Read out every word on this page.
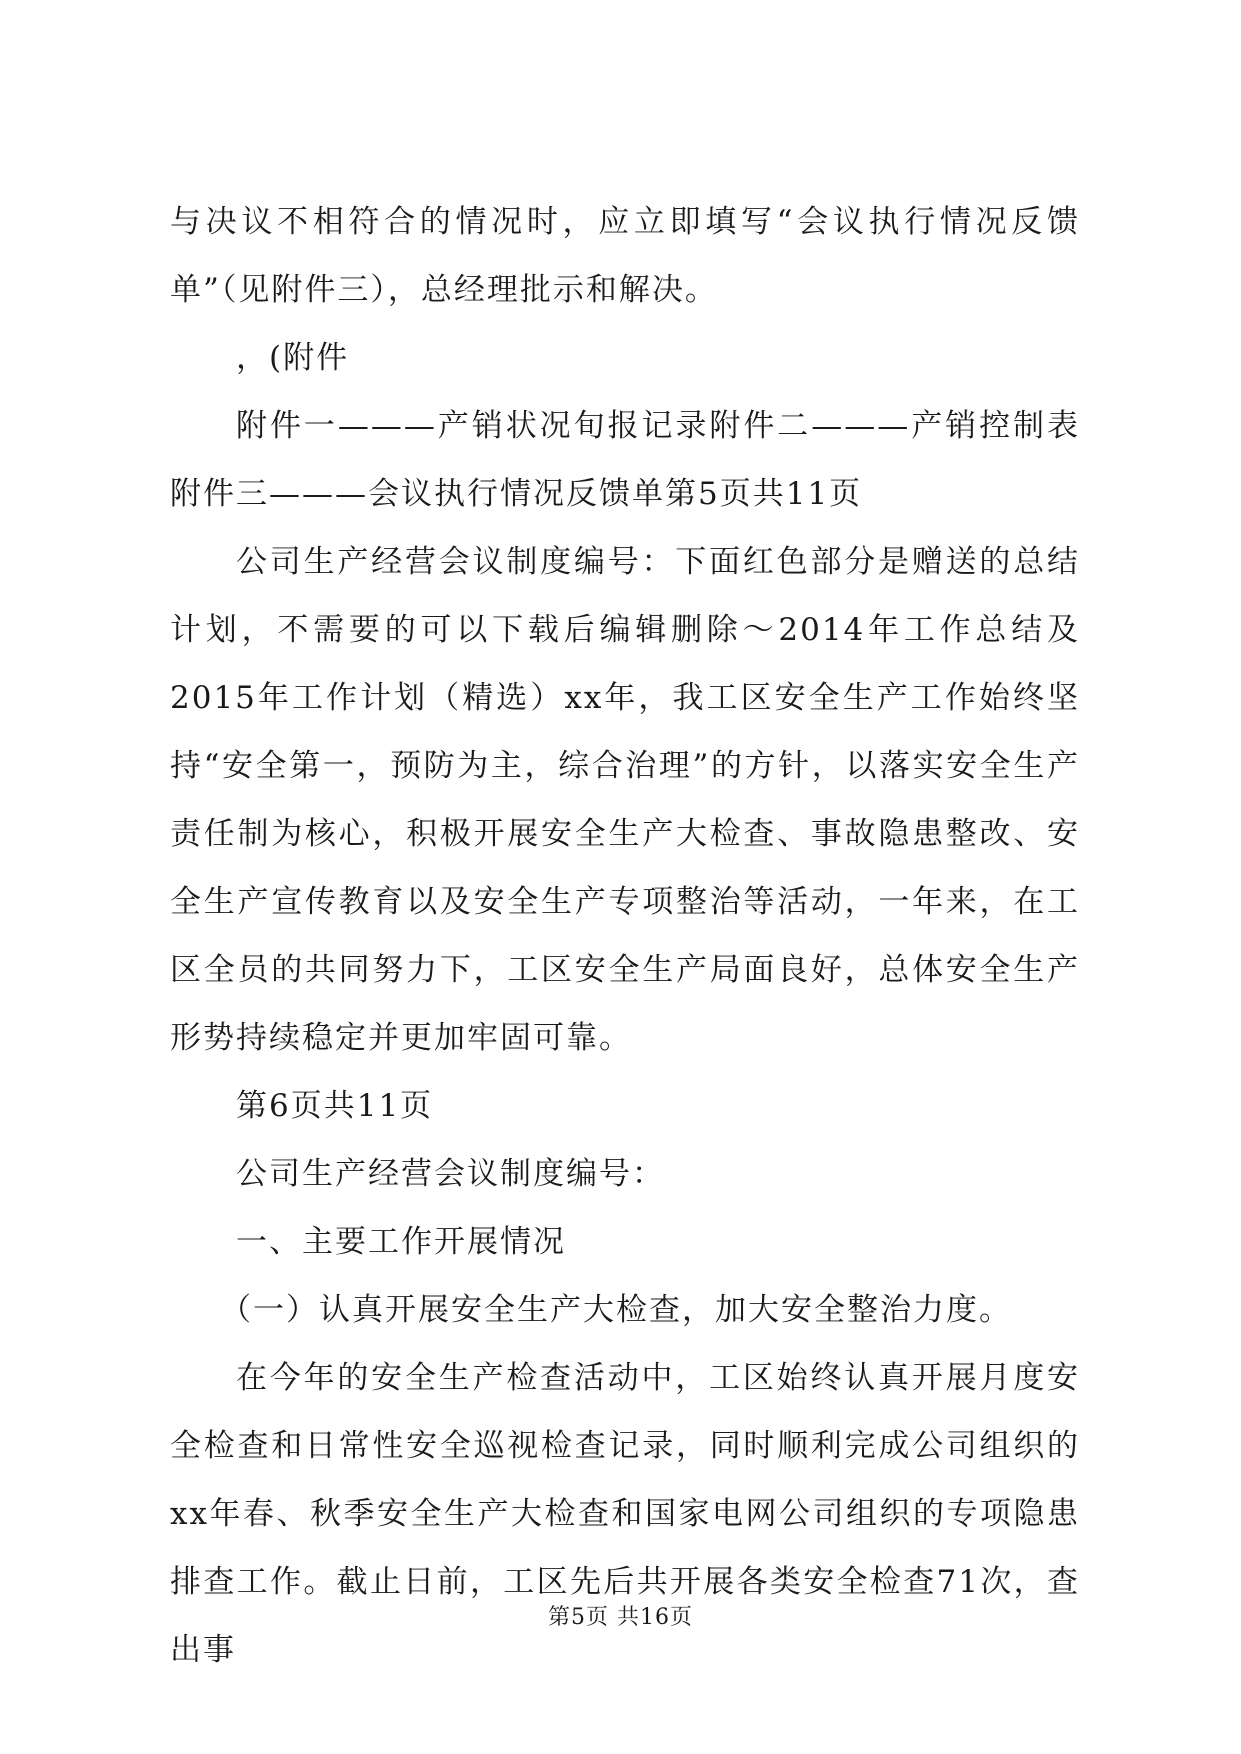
与决议不相符合的情况时，应立即填写“会议执行情况反馈单”（见附件三），总经理批示和解决。

，(附件

附件一———产销状况旬报记录附件二———产销控制表附件三———会议执行情况反馈单第5页共11页

公司生产经营会议制度编号：下面红色部分是赠送的总结计划，不需要的可以下载后编辑删除～2014年工作总结及2015年工作计划（精选）xx年，我工区安全生产工作始终坚持“安全第一，预防为主，综合治理”的方针，以落实安全生产责任制为核心，积极开展安全生产大检查、事故隐患整改、安全生产宣传教育以及安全生产专项整治等活动，一年来，在工区全员的共同努力下，工区安全生产局面良好，总体安全生产形势持续稳定并更加牢固可靠。

第6页共11页

公司生产经营会议制度编号：

一、主要工作开展情况

（一）认真开展安全生产大检查，加大安全整治力度。

在今年的安全生产检查活动中，工区始终认真开展月度安全检查和日常性安全巡视检查记录，同时顺利完成公司组织的xx年春、秋季安全生产大检查和国家电网公司组织的专项隐患排查工作。截止日前，工区先后共开展各类安全检查71次，查出事

第5页 共16页
